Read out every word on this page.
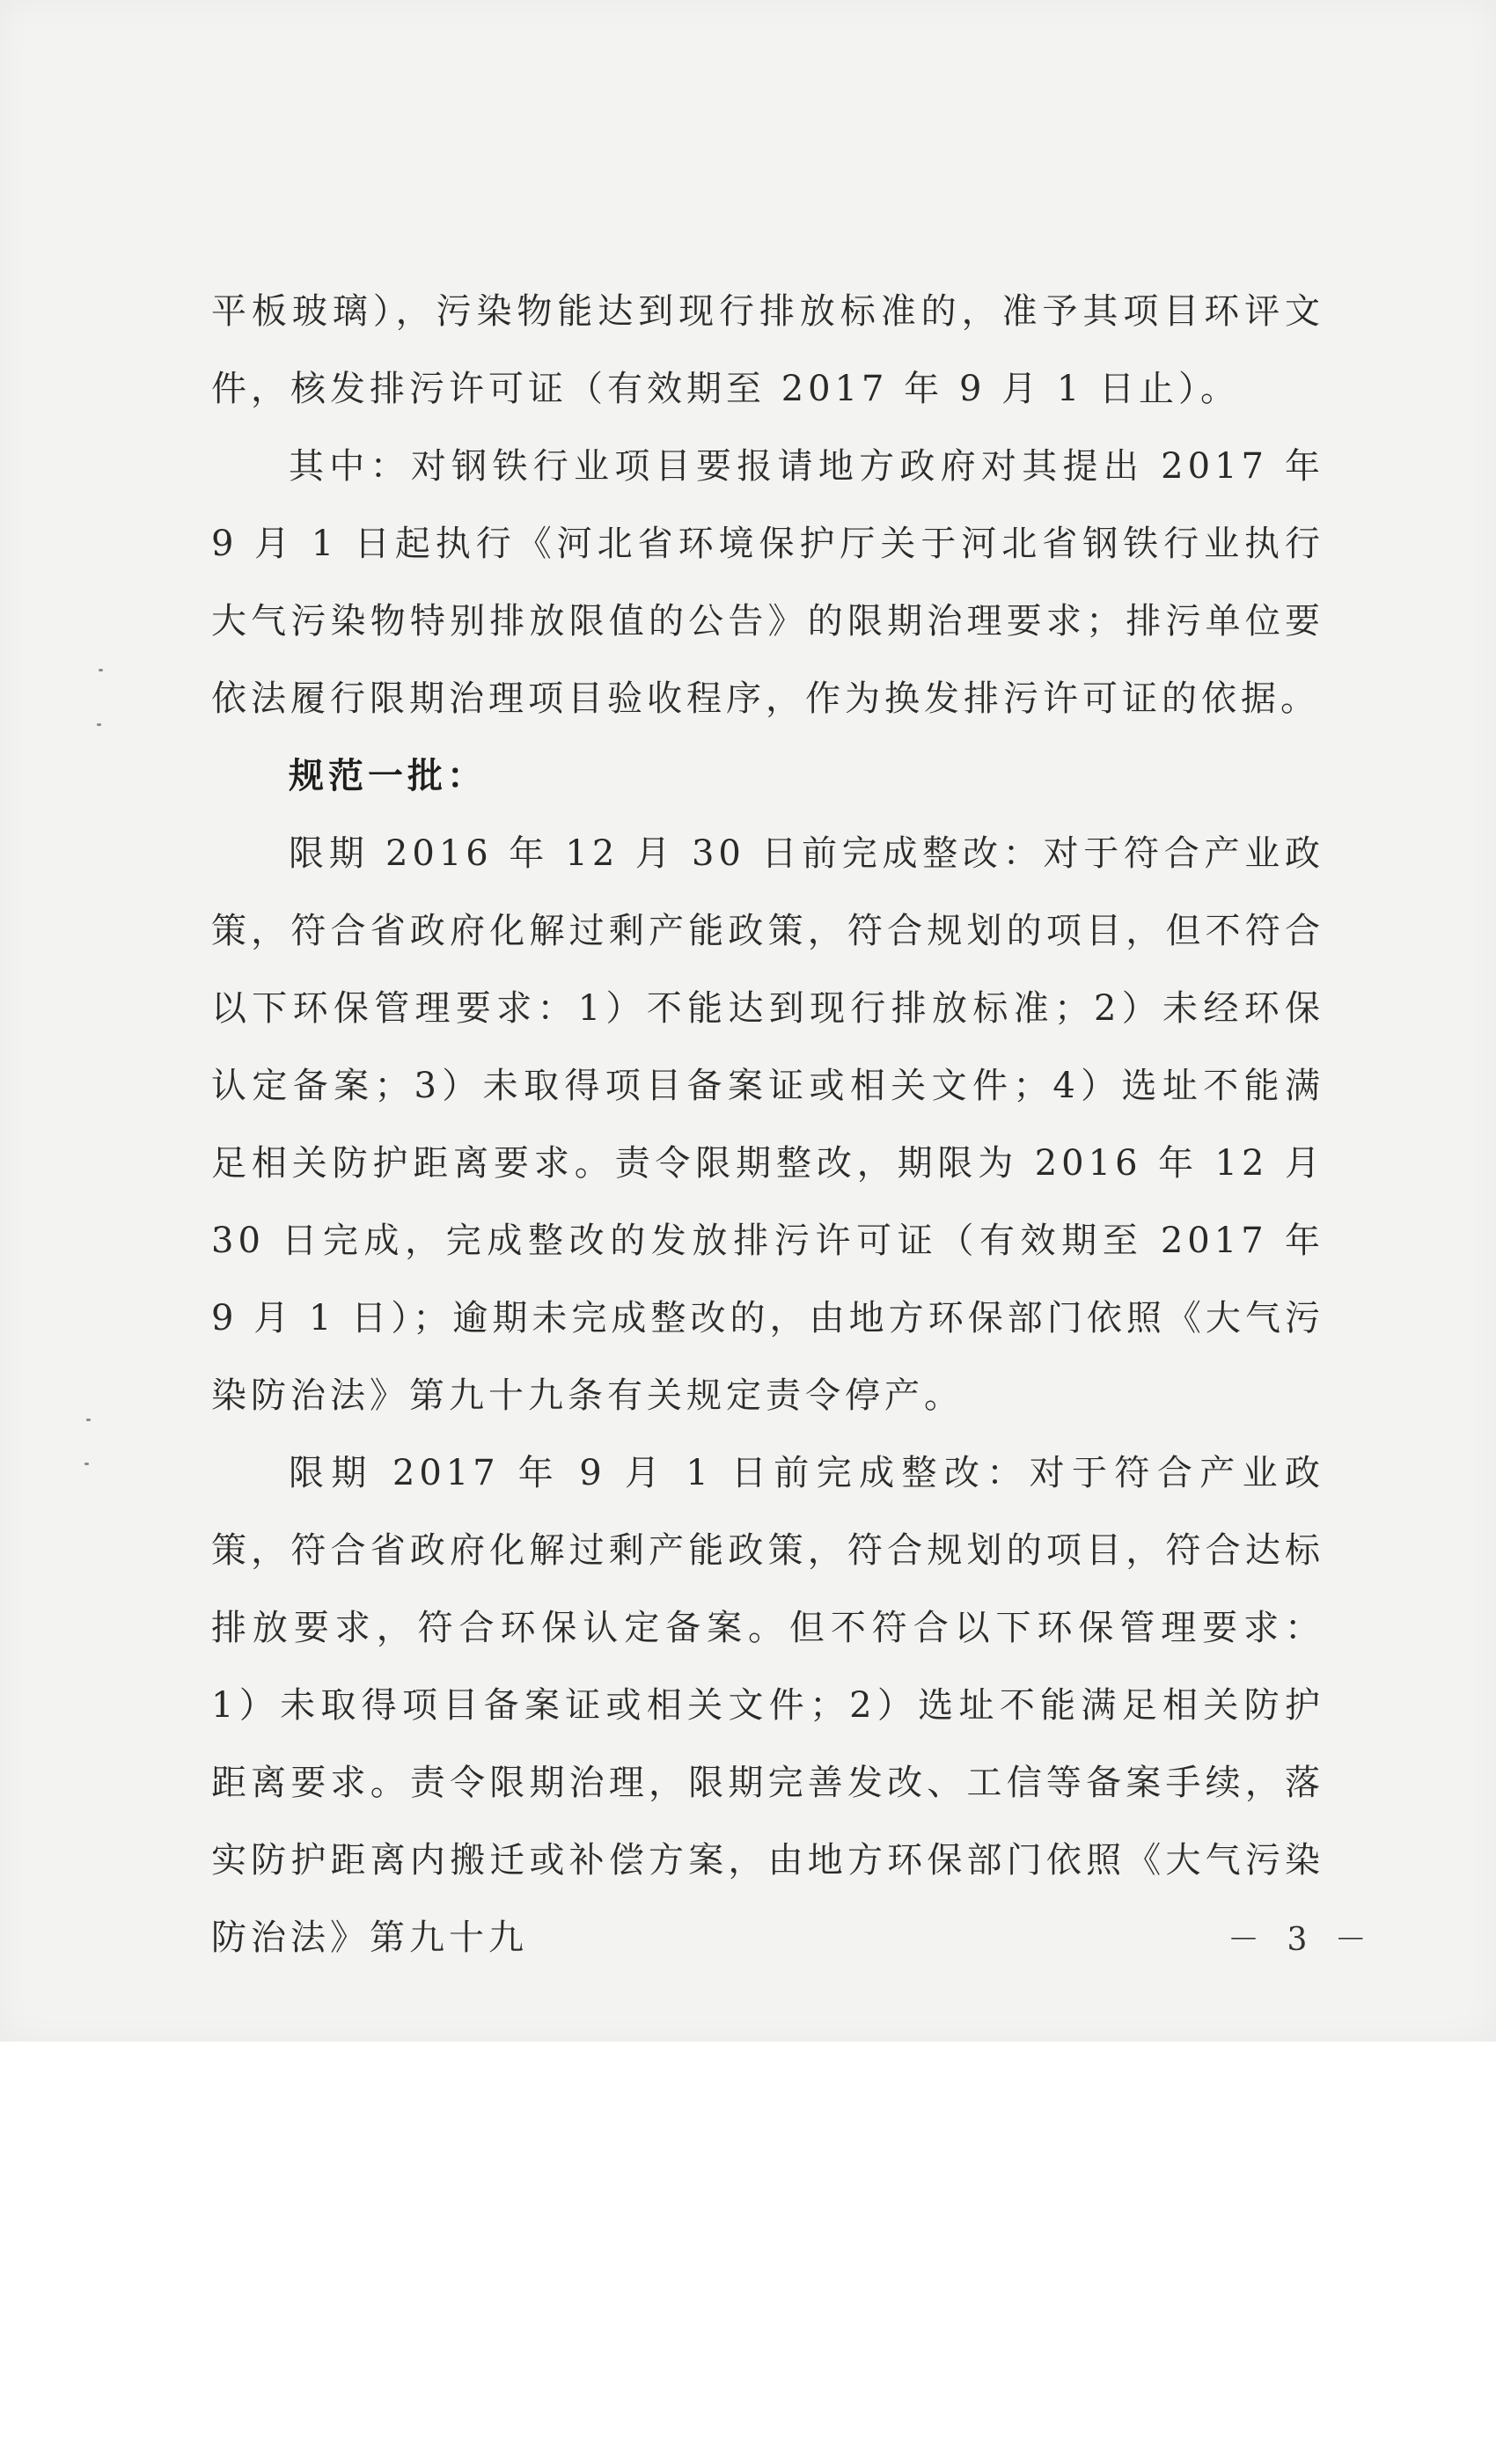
平板玻璃），污染物能达到现行排放标准的，准予其项目环评文件，核发排污许可证（有效期至 2017 年 9 月 1 日止）。

其中：对钢铁行业项目要报请地方政府对其提出 2017 年 9 月 1 日起执行《河北省环境保护厅关于河北省钢铁行业执行大气污染物特别排放限值的公告》的限期治理要求；排污单位要依法履行限期治理项目验收程序，作为换发排污许可证的依据。

规范一批：

限期 2016 年 12 月 30 日前完成整改：对于符合产业政策，符合省政府化解过剩产能政策，符合规划的项目，但不符合以下环保管理要求：1）不能达到现行排放标准；2）未经环保认定备案；3）未取得项目备案证或相关文件；4）选址不能满足相关防护距离要求。责令限期整改，期限为 2016 年 12 月 30 日完成，完成整改的发放排污许可证（有效期至 2017 年 9 月 1 日）；逾期未完成整改的，由地方环保部门依照《大气污染防治法》第九十九条有关规定责令停产。

限期 2017 年 9 月 1 日前完成整改：对于符合产业政策，符合省政府化解过剩产能政策，符合规划的项目，符合达标排放要求，符合环保认定备案。但不符合以下环保管理要求：1）未取得项目备案证或相关文件；2）选址不能满足相关防护距离要求。责令限期治理，限期完善发改、工信等备案手续，落实防护距离内搬迁或补偿方案，由地方环保部门依照《大气污染防治法》第九十九	－ 3 －
